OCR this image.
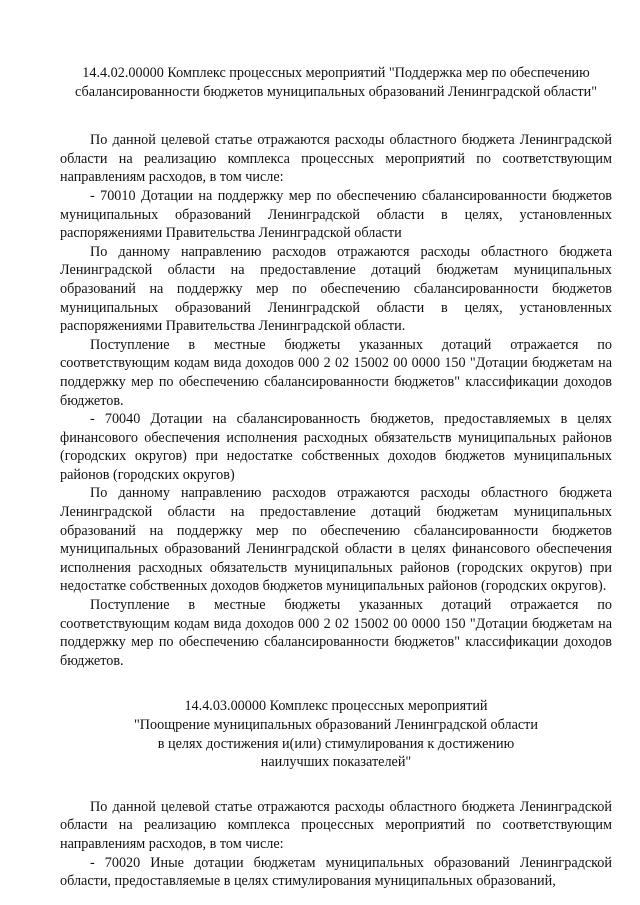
14.4.02.00000 Комплекс процессных мероприятий "Поддержка мер по обеспечению сбалансированности бюджетов муниципальных образований Ленинградской области"

По данной целевой статье отражаются расходы областного бюджета Ленинградской области на реализацию комплекса процессных мероприятий по соответствующим направлениям расходов, в том числе:

- 70010 Дотации на поддержку мер по обеспечению сбалансированности бюджетов муниципальных образований Ленинградской области в целях, установленных распоряжениями Правительства Ленинградской области

По данному направлению расходов отражаются расходы областного бюджета Ленинградской области на предоставление дотаций бюджетам муниципальных образований на поддержку мер по обеспечению сбалансированности бюджетов муниципальных образований Ленинградской области в целях, установленных распоряжениями Правительства Ленинградской области.

Поступление в местные бюджеты указанных дотаций отражается по соответствующим кодам вида доходов 000 2 02 15002 00 0000 150 "Дотации бюджетам на поддержку мер по обеспечению сбалансированности бюджетов" классификации доходов бюджетов.

- 70040 Дотации на сбалансированность бюджетов, предоставляемых в целях финансового обеспечения исполнения расходных обязательств муниципальных районов (городских округов) при недостатке собственных доходов бюджетов муниципальных районов (городских округов)

По данному направлению расходов отражаются расходы областного бюджета Ленинградской области на предоставление дотаций бюджетам муниципальных образований на поддержку мер по обеспечению сбалансированности бюджетов муниципальных образований Ленинградской области в целях финансового обеспечения исполнения расходных обязательств муниципальных районов (городских округов) при недостатке собственных доходов бюджетов муниципальных районов (городских округов).

Поступление в местные бюджеты указанных дотаций отражается по соответствующим кодам вида доходов 000 2 02 15002 00 0000 150 "Дотации бюджетам на поддержку мер по обеспечению сбалансированности бюджетов" классификации доходов бюджетов.

14.4.03.00000 Комплекс процессных мероприятий

"Поощрение муниципальных образований Ленинградской области

в целях достижения и(или) стимулирования к достижению

наилучших показателей"

По данной целевой статье отражаются расходы областного бюджета Ленинградской области на реализацию комплекса процессных мероприятий по соответствующим направлениям расходов, в том числе:

- 70020 Иные дотации бюджетам муниципальных образований Ленинградской области, предоставляемые в целях стимулирования муниципальных образований,
